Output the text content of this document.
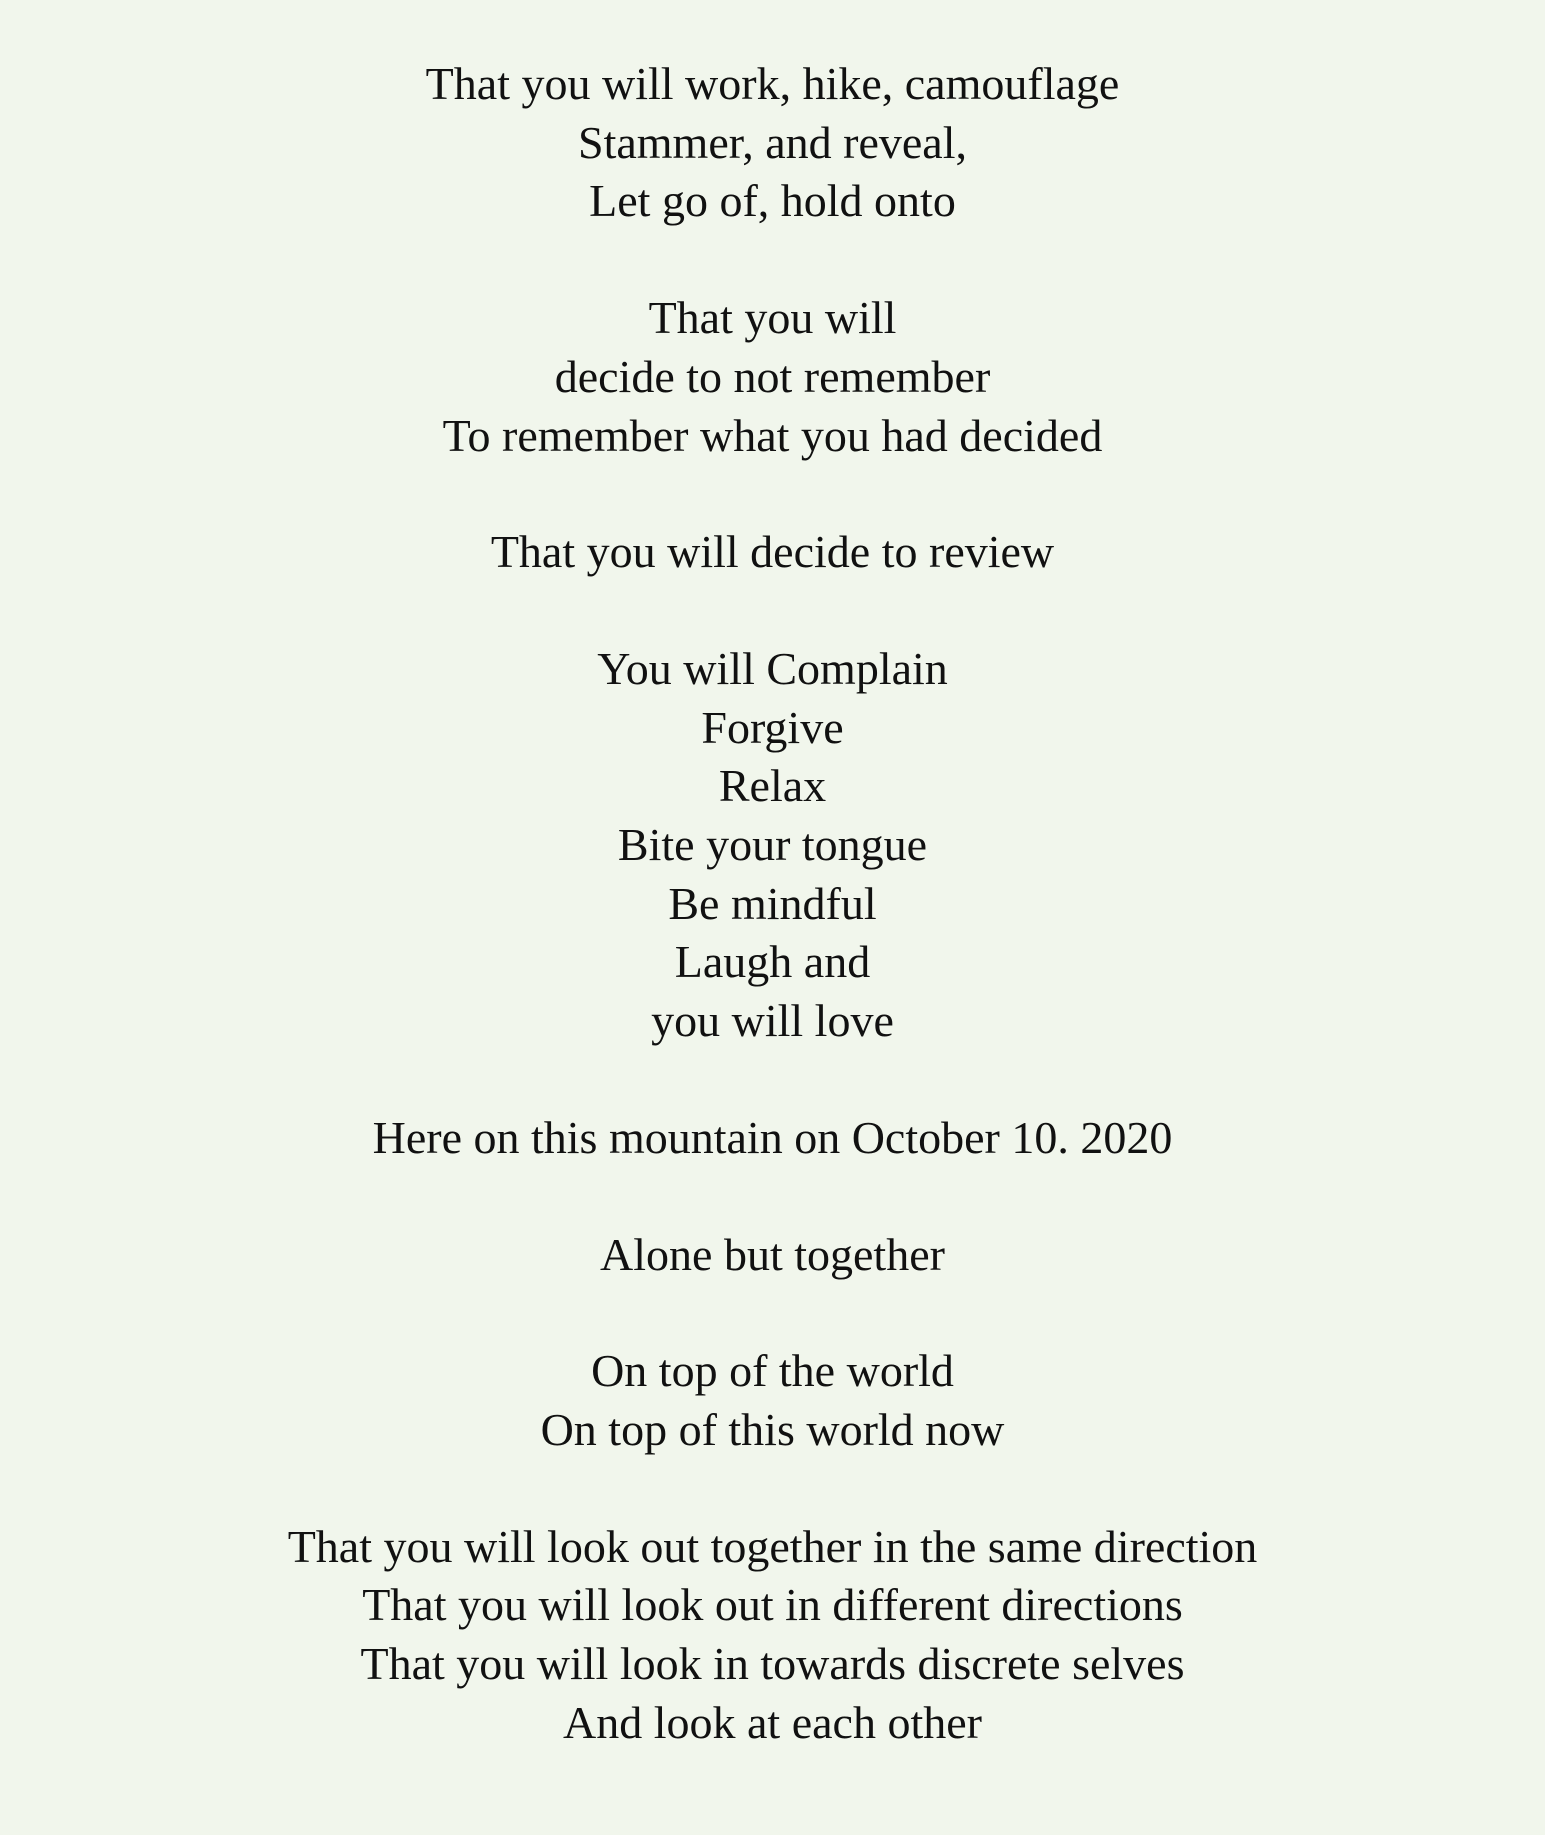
That you will work, hike, camouflage
Stammer, and reveal,
Let go of, hold onto
That you will
decide to not remember
To remember what you had decided
That you will decide to review
You will Complain
Forgive
Relax
Bite your tongue
Be mindful
Laugh and
you will love
Here on this mountain on October 10. 2020
Alone but together
On top of the world
On top of this world now
That you will look out together in the same direction
That you will look out in different directions
That you will look in towards discrete selves
And look at each other
